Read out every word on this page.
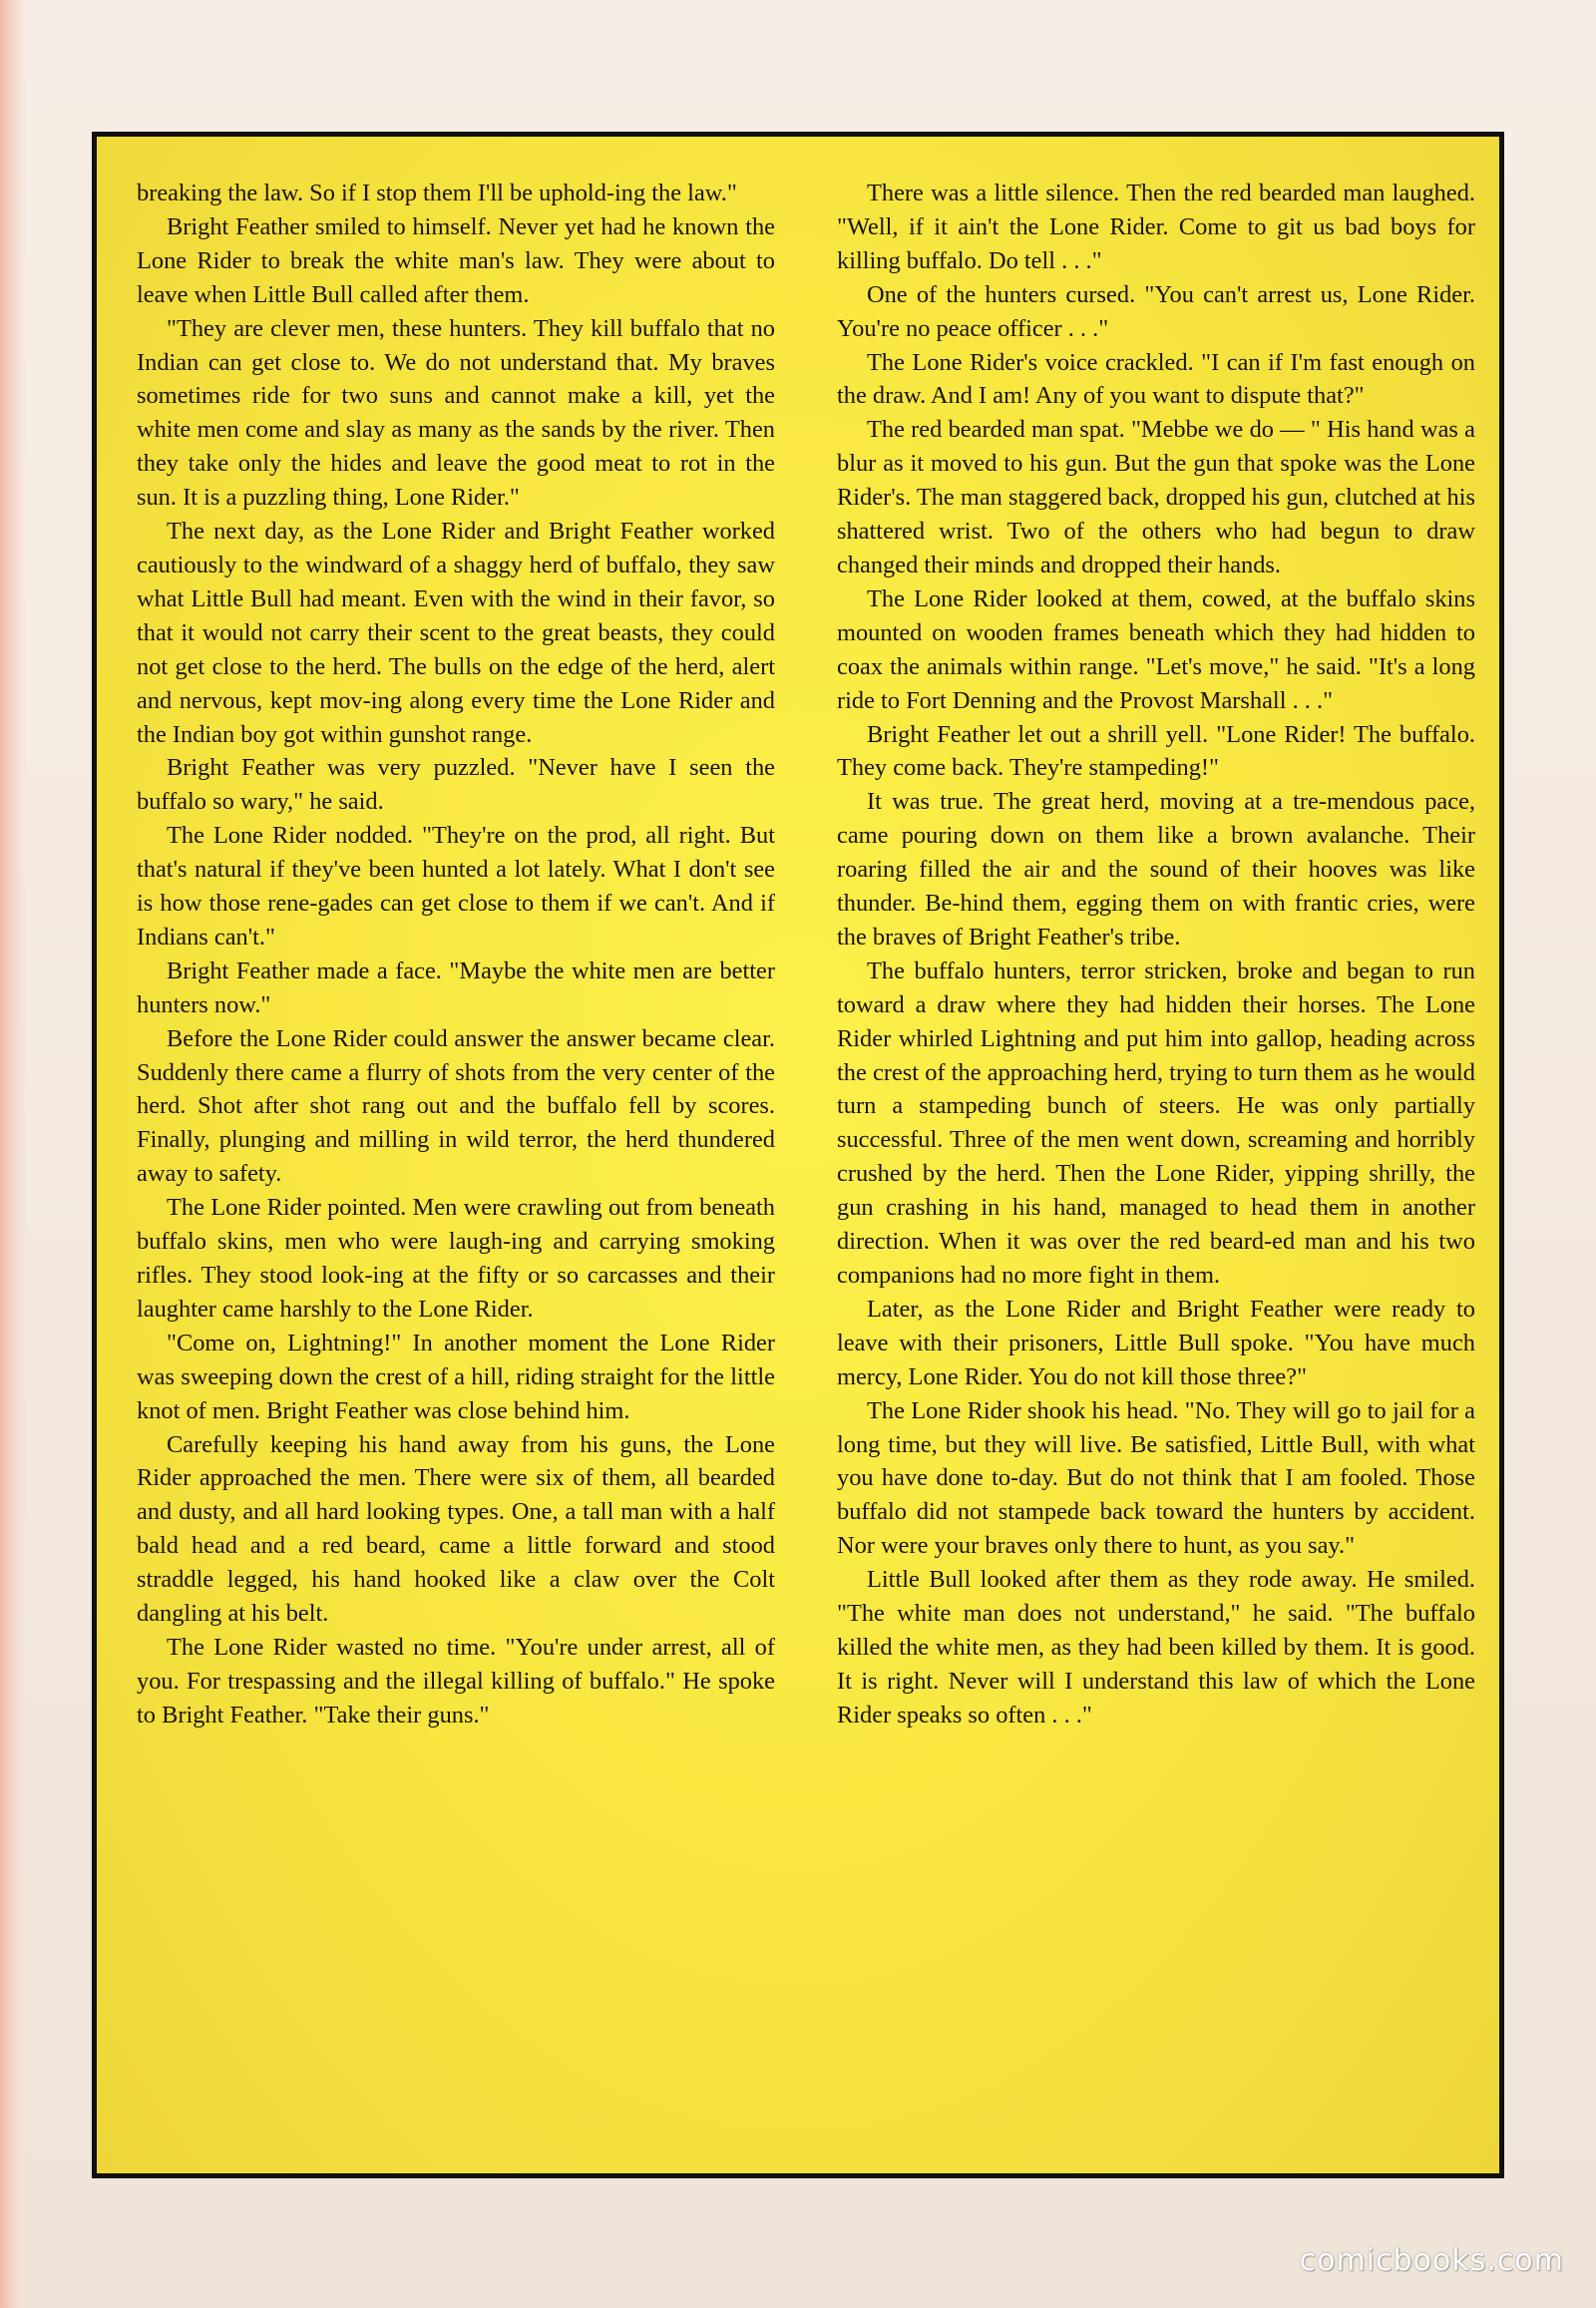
breaking the law. So if I stop them I'll be uphold-ing the law."

Bright Feather smiled to himself. Never yet had he known the Lone Rider to break the white man's law. They were about to leave when Little Bull called after them.

"They are clever men, these hunters. They kill buffalo that no Indian can get close to. We do not understand that. My braves sometimes ride for two suns and cannot make a kill, yet the white men come and slay as many as the sands by the river. Then they take only the hides and leave the good meat to rot in the sun. It is a puzzling thing, Lone Rider."

The next day, as the Lone Rider and Bright Feather worked cautiously to the windward of a shaggy herd of buffalo, they saw what Little Bull had meant. Even with the wind in their favor, so that it would not carry their scent to the great beasts, they could not get close to the herd. The bulls on the edge of the herd, alert and nervous, kept mov-ing along every time the Lone Rider and the Indian boy got within gunshot range.

Bright Feather was very puzzled. "Never have I seen the buffalo so wary," he said.

The Lone Rider nodded. "They're on the prod, all right. But that's natural if they've been hunted a lot lately. What I don't see is how those rene-gades can get close to them if we can't. And if Indians can't."

Bright Feather made a face. "Maybe the white men are better hunters now."

Before the Lone Rider could answer the answer became clear. Suddenly there came a flurry of shots from the very center of the herd. Shot after shot rang out and the buffalo fell by scores. Finally, plunging and milling in wild terror, the herd thundered away to safety.

The Lone Rider pointed. Men were crawling out from beneath buffalo skins, men who were laugh-ing and carrying smoking rifles. They stood look-ing at the fifty or so carcasses and their laughter came harshly to the Lone Rider.

"Come on, Lightning!" In another moment the Lone Rider was sweeping down the crest of a hill, riding straight for the little knot of men. Bright Feather was close behind him.

Carefully keeping his hand away from his guns, the Lone Rider approached the men. There were six of them, all bearded and dusty, and all hard looking types. One, a tall man with a half bald head and a red beard, came a little forward and stood straddle legged, his hand hooked like a claw over the Colt dangling at his belt.

The Lone Rider wasted no time. "You're under arrest, all of you. For trespassing and the illegal killing of buffalo." He spoke to Bright Feather. "Take their guns."

There was a little silence. Then the red bearded man laughed. "Well, if it ain't the Lone Rider. Come to git us bad boys for killing buffalo. Do tell . . ."

One of the hunters cursed. "You can't arrest us, Lone Rider. You're no peace officer . . ."

The Lone Rider's voice crackled. "I can if I'm fast enough on the draw. And I am! Any of you want to dispute that?"

The red bearded man spat. "Mebbe we do — " His hand was a blur as it moved to his gun. But the gun that spoke was the Lone Rider's. The man staggered back, dropped his gun, clutched at his shattered wrist. Two of the others who had begun to draw changed their minds and dropped their hands.

The Lone Rider looked at them, cowed, at the buffalo skins mounted on wooden frames beneath which they had hidden to coax the animals within range. "Let's move," he said. "It's a long ride to Fort Denning and the Provost Marshall . . ."

Bright Feather let out a shrill yell. "Lone Rider! The buffalo. They come back. They're stampeding!"

It was true. The great herd, moving at a tre-mendous pace, came pouring down on them like a brown avalanche. Their roaring filled the air and the sound of their hooves was like thunder. Be-hind them, egging them on with frantic cries, were the braves of Bright Feather's tribe.

The buffalo hunters, terror stricken, broke and began to run toward a draw where they had hidden their horses. The Lone Rider whirled Lightning and put him into gallop, heading across the crest of the approaching herd, trying to turn them as he would turn a stampeding bunch of steers. He was only partially successful. Three of the men went down, screaming and horribly crushed by the herd. Then the Lone Rider, yipping shrilly, the gun crashing in his hand, managed to head them in another direction. When it was over the red beard-ed man and his two companions had no more fight in them.

Later, as the Lone Rider and Bright Feather were ready to leave with their prisoners, Little Bull spoke. "You have much mercy, Lone Rider. You do not kill those three?"

The Lone Rider shook his head. "No. They will go to jail for a long time, but they will live. Be satisfied, Little Bull, with what you have done to-day. But do not think that I am fooled. Those buffalo did not stampede back toward the hunters by accident. Nor were your braves only there to hunt, as you say."

Little Bull looked after them as they rode away. He smiled. "The white man does not understand," he said. "The buffalo killed the white men, as they had been killed by them. It is good. It is right. Never will I understand this law of which the Lone Rider speaks so often . . ."

comicbooks.com
